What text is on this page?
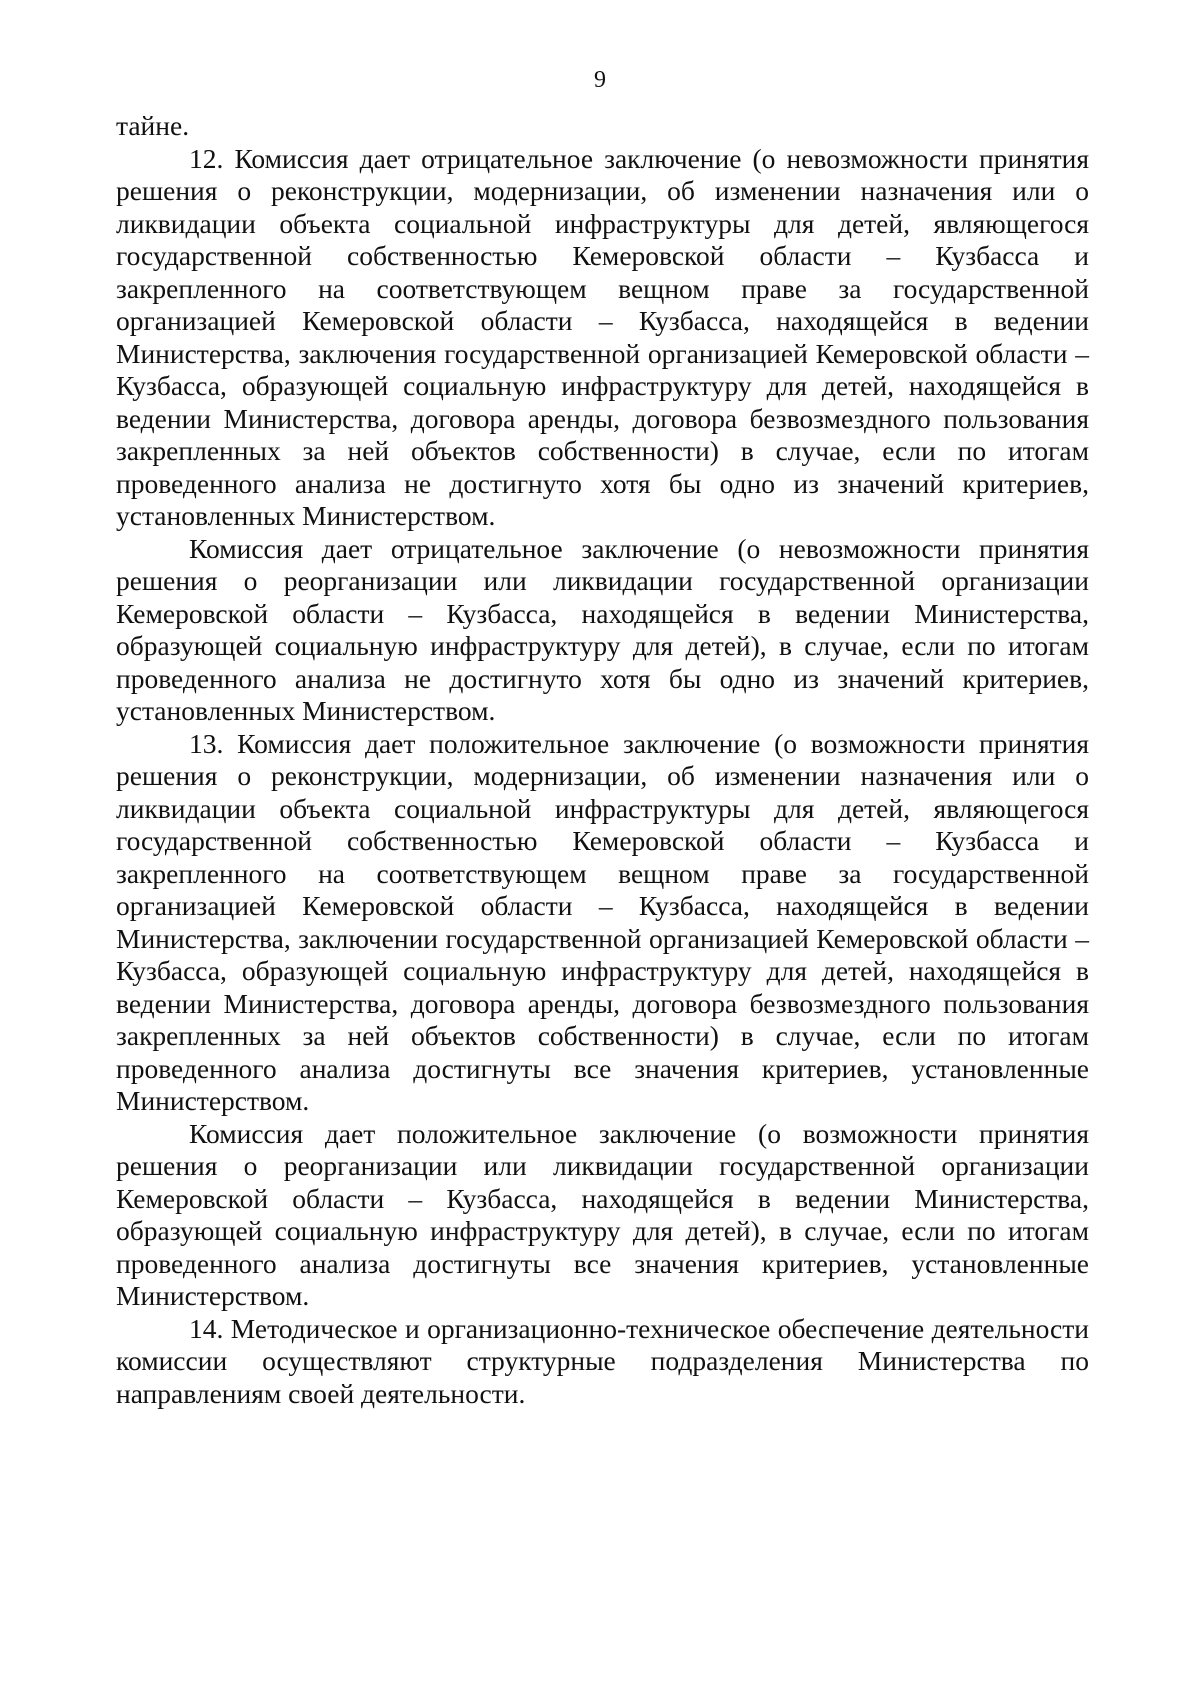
9

тайне.

12. Комиссия дает отрицательное заключение (о невозможности принятия решения о реконструкции, модернизации, об изменении назначения или о ликвидации объекта социальной инфраструктуры для детей, являющегося государственной собственностью Кемеровской области – Кузбасса и закрепленного на соответствующем вещном праве за государственной организацией Кемеровской области – Кузбасса, находящейся в ведении Министерства, заключения государственной организацией Кемеровской области – Кузбасса, образующей социальную инфраструктуру для детей, находящейся в ведении Министерства, договора аренды, договора безвозмездного пользования закрепленных за ней объектов собственности) в случае, если по итогам проведенного анализа не достигнуто хотя бы одно из значений критериев, установленных Министерством.

Комиссия дает отрицательное заключение (о невозможности принятия решения о реорганизации или ликвидации государственной организации Кемеровской области – Кузбасса, находящейся в ведении Министерства, образующей социальную инфраструктуру для детей), в случае, если по итогам проведенного анализа не достигнуто хотя бы одно из значений критериев, установленных Министерством.

13. Комиссия дает положительное заключение (о возможности принятия решения о реконструкции, модернизации, об изменении назначения или о ликвидации объекта социальной инфраструктуры для детей, являющегося государственной собственностью Кемеровской области – Кузбасса и закрепленного на соответствующем вещном праве за государственной организацией Кемеровской области – Кузбасса, находящейся в ведении Министерства, заключении государственной организацией Кемеровской области – Кузбасса, образующей социальную инфраструктуру для детей, находящейся в ведении Министерства, договора аренды, договора безвозмездного пользования закрепленных за ней объектов собственности) в случае, если по итогам проведенного анализа достигнуты все значения критериев, установленные Министерством.

Комиссия дает положительное заключение (о возможности принятия решения о реорганизации или ликвидации государственной организации Кемеровской области – Кузбасса, находящейся в ведении Министерства, образующей социальную инфраструктуру для детей), в случае, если по итогам проведенного анализа достигнуты все значения критериев, установленные Министерством.

14. Методическое и организационно-техническое обеспечение деятельности комиссии осуществляют структурные подразделения Министерства по направлениям своей деятельности.
